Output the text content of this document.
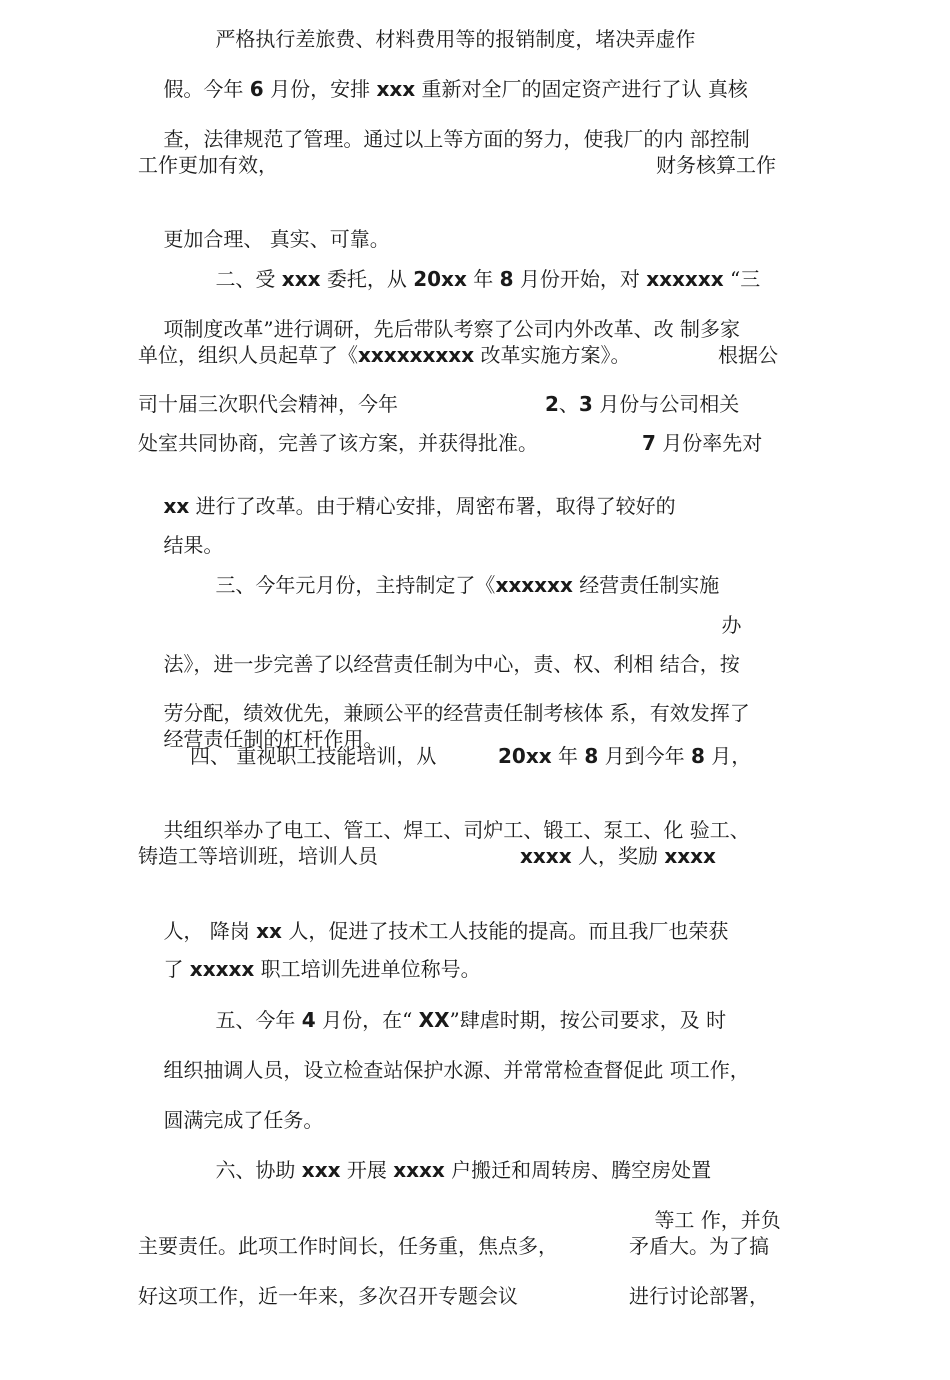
严格执行差旅费、材料费用等的报销制度，堵决弄虚作

假。今年 6 月份，安排 xxx 重新对全厂的固定资产进行了认 真核

查，法律规范了管理。通过以上等方面的努力，使我厂的内 部控制

工作更加有效，

	财务核算工作

更加合理、 真实、可靠。

二、受 xxx 委托，从 20xx 年 8 月份开始，对 xxxxxx “三

项制度改革”进行调研，先后带队考察了公司内外改革、改 制多家

单位，组织人员起草了《xxxxxxxxx 改革实施方案》。

	根据公

司十届三次职代会精神，今年

	2、3 月份与公司相关

处室共同协商，完善了该方案，并获得批准。

	7 月份率先对

xx 进行了改革。由于精心安排，周密布署，取得了较好的

结果。

三、今年元月份，主持制定了《xxxxxx 经营责任制实施

办

法》，进一步完善了以经营责任制为中心，责、权、利相 结合，按

劳分配，绩效优先，兼顾公平的经营责任制考核体 系，有效发挥了

经营责任制的杠杆作用。

四、 重视职工技能培训，从

	20xx 年 8 月到今年 8 月，

共组织举办了电工、管工、焊工、司炉工、锻工、泵工、化 验工、

铸造工等培训班，培训人员

	xxxx 人，奖励 xxxx

人， 降岗 xx 人，促进了技术工人技能的提高。而且我厂也荣获

了 xxxxx 职工培训先进单位称号。

五、今年 4 月份，在“ XX”肆虐时期，按公司要求，及 时

组织抽调人员，设立检查站保护水源、并常常检查督促此 项工作，

圆满完成了任务。

六、协助 xxx 开展 xxxx 户搬迁和周转房、腾空房处置

等工 作，并负

主要责任。此项工作时间长，任务重，焦点多，

	矛盾大。为了搞

好这项工作，近一年来，多次召开专题会议

	进行讨论部署，
